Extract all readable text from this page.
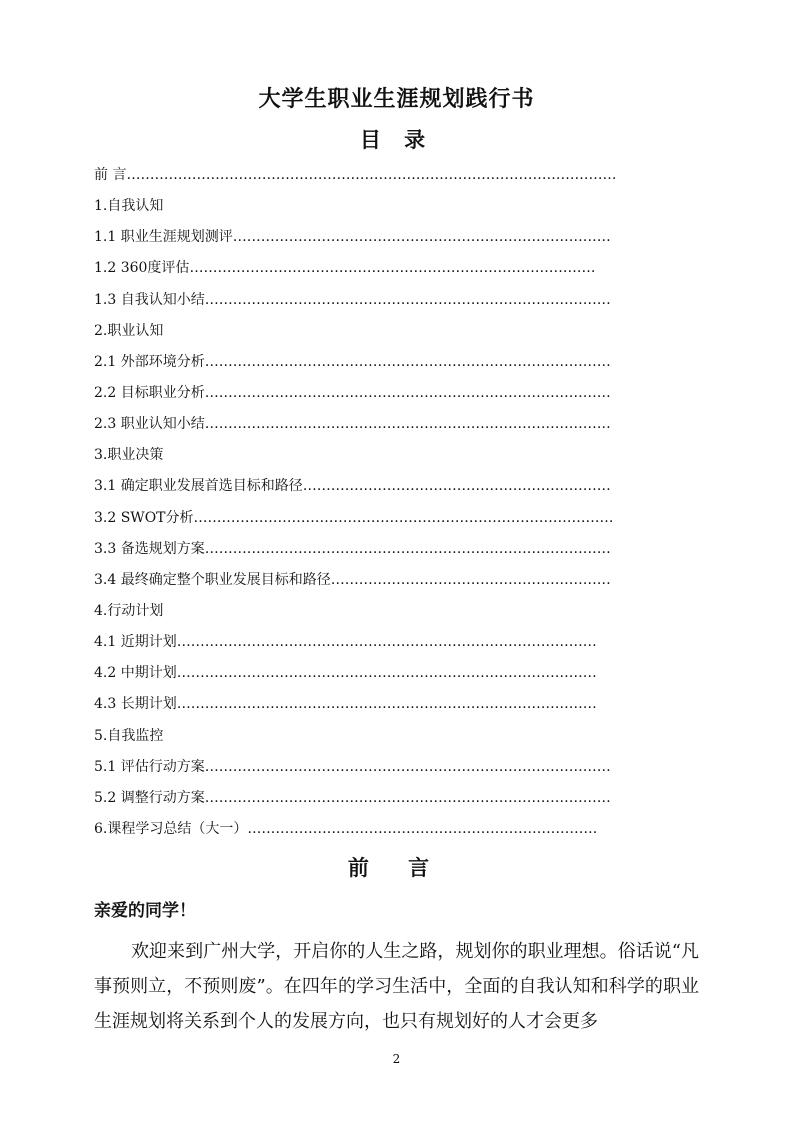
大学生职业生涯规划践行书
目 录
前 言……………………………………………………………………………………………
1.自我认知
1.1 职业生涯规划测评………………………………………………………………………
1.2 360度评估……………………………………………………………………………
1.3 自我认知小结……………………………………………………………………………
2.职业认知
2.1 外部环境分析……………………………………………………………………………
2.2 目标职业分析……………………………………………………………………………
2.3 职业认知小结……………………………………………………………………………
3.职业决策
3.1 确定职业发展首选目标和路径…………………………………………………………
3.2 SWOT分析………………………………………………………………………………
3.3 备选规划方案……………………………………………………………………………
3.4 最终确定整个职业发展目标和路径……………………………………………………
4.行动计划
4.1 近期计划………………………………………………………………………………
4.2 中期计划………………………………………………………………………………
4.3 长期计划………………………………………………………………………………
5.自我监控
5.1 评估行动方案……………………………………………………………………………
5.2 调整行动方案……………………………………………………………………………
6.课程学习总结（大一）…………………………………………………………………
前 言
亲爱的同学！

欢迎来到广州大学，开启你的人生之路，规划你的职业理想。俗话说“凡事预则立，不预则废”。在四年的学习生活中，全面的自我认知和科学的职业生涯规划将关系到个人的发展方向，也只有规划好的人才会更多

2
